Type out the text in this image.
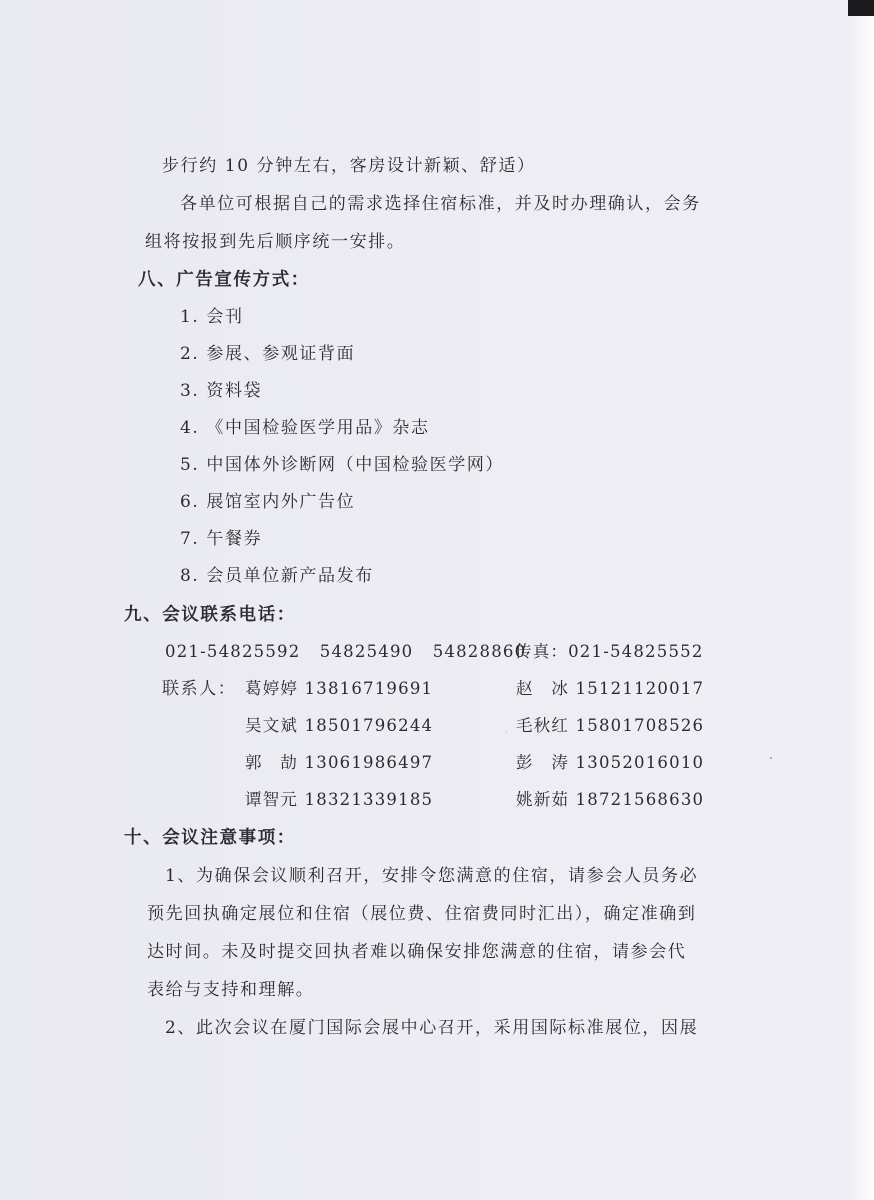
步行约 10 分钟左右，客房设计新颖、舒适）
各单位可根据自己的需求选择住宿标准，并及时办理确认，会务
组将按报到先后顺序统一安排。
八、广告宣传方式：
1. 会刊
2. 参展、参观证背面
3. 资料袋
4. 《中国检验医学用品》杂志
5. 中国体外诊断网（中国检验医学网）
6. 展馆室内外广告位
7. 午餐券
8. 会员单位新产品发布
九、会议联系电话：
021-54825592   54825490   54828860
传真：021-54825552
联系人： 葛婷婷 13816719691
吴文斌 18501796244
郭　劼 13061986497
谭智元 18321339185
赵　冰 15121120017
毛秋红 15801708526
彭　涛 13052016010
姚新茹 18721568630
十、会议注意事项：
1、为确保会议顺利召开，安排令您满意的住宿，请参会人员务必
预先回执确定展位和住宿（展位费、住宿费同时汇出），确定准确到
达时间。未及时提交回执者难以确保安排您满意的住宿，请参会代
表给与支持和理解。
2、此次会议在厦门国际会展中心召开，采用国际标准展位，因展
